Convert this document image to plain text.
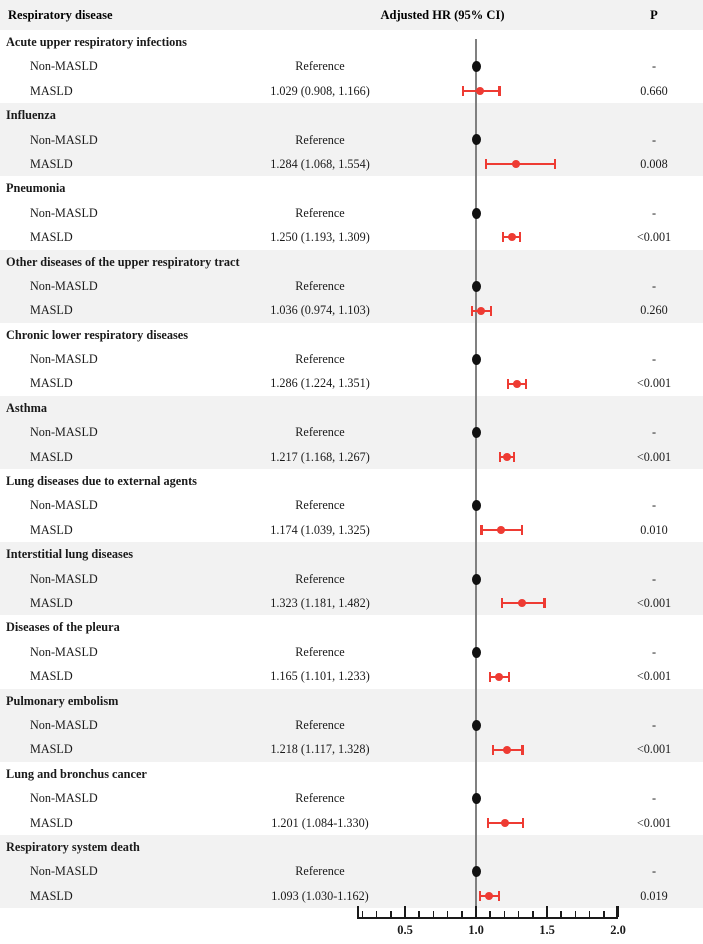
Respiratory disease	Adjusted HR (95% CI)	P
Acute upper respiratory infections
Non-MASLD	Reference	-
MASLD	1.029 (0.908, 1.166)	0.660
Influenza
Non-MASLD	Reference	-
MASLD	1.284 (1.068, 1.554)	0.008
Pneumonia
Non-MASLD	Reference	-
MASLD	1.250 (1.193, 1.309)	<0.001
Other diseases of the upper respiratory tract
Non-MASLD	Reference	-
MASLD	1.036 (0.974, 1.103)	0.260
Chronic lower respiratory diseases
Non-MASLD	Reference	-
MASLD	1.286 (1.224, 1.351)	<0.001
Asthma
Non-MASLD	Reference	-
MASLD	1.217 (1.168, 1.267)	<0.001
Lung diseases due to external agents
Non-MASLD	Reference	-
MASLD	1.174 (1.039, 1.325)	0.010
Interstitial lung diseases
Non-MASLD	Reference	-
MASLD	1.323 (1.181, 1.482)	<0.001
Diseases of the pleura
Non-MASLD	Reference	-
MASLD	1.165 (1.101, 1.233)	<0.001
Pulmonary embolism
Non-MASLD	Reference	-
MASLD	1.218 (1.117, 1.328)	<0.001
Lung and bronchus cancer
Non-MASLD	Reference	-
MASLD	1.201 (1.084-1.330)	<0.001
Respiratory system death
Non-MASLD	Reference	-
MASLD	1.093 (1.030-1.162)	0.019
0.5	1.0	1.5	2.0
